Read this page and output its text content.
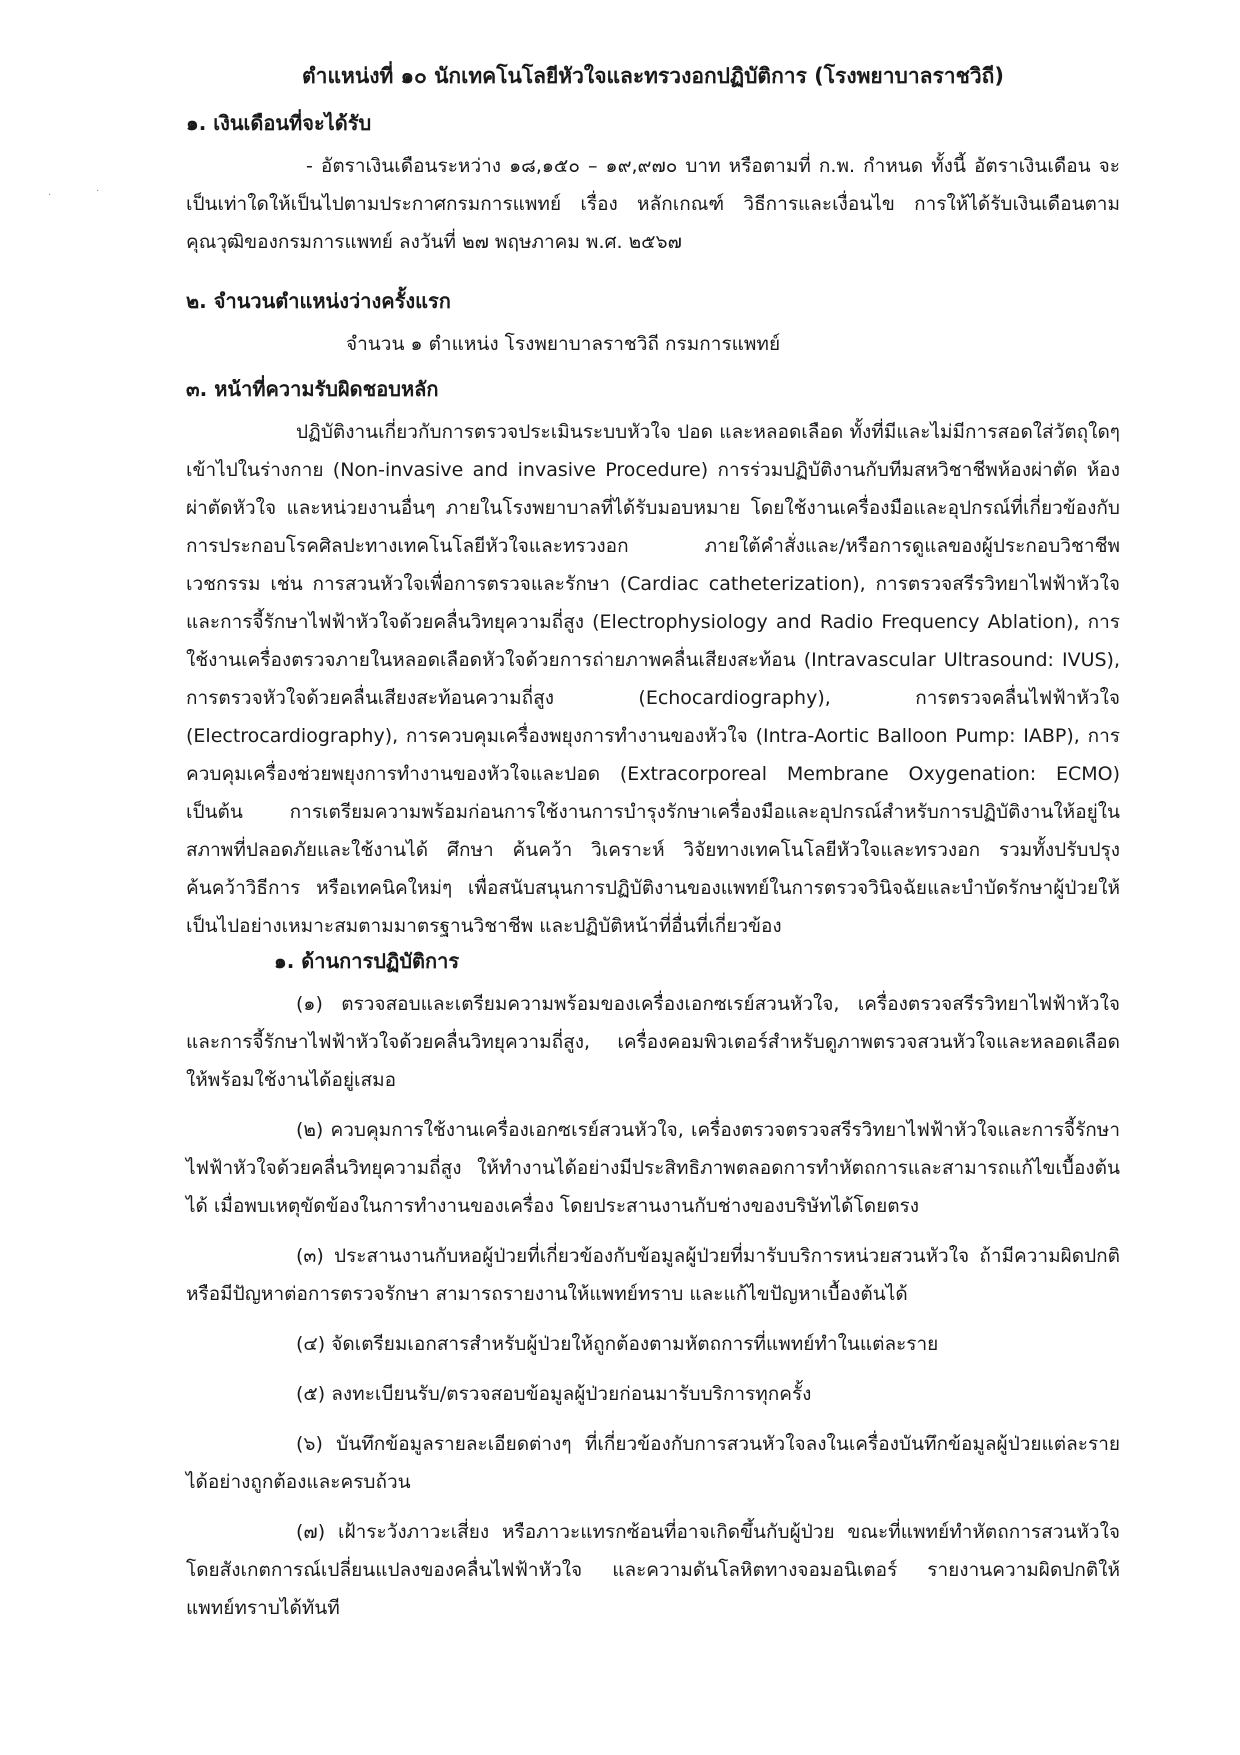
·	·
ตำแหน่งที่ ๑๐ นักเทคโนโลยีหัวใจและทรวงอกปฏิบัติการ (โรงพยาบาลราชวิถี)
๑. เงินเดือนที่จะได้รับ

- อัตราเงินเดือนระหว่าง ๑๘,๑๕๐ – ๑๙,๙๗๐ บาท หรือตามที่ ก.พ. กำหนด ทั้งนี้ อัตราเงินเดือน จะเป็นเท่าใดให้เป็นไปตามประกาศกรมการแพทย์ เรื่อง หลักเกณฑ์ วิธีการและเงื่อนไข การให้ได้รับเงินเดือนตามคุณวุฒิของกรมการแพทย์ ลงวันที่ ๒๗ พฤษภาคม พ.ศ. ๒๕๖๗

๒. จำนวนตำแหน่งว่างครั้งแรก
จำนวน ๑ ตำแหน่ง โรงพยาบาลราชวิถี กรมการแพทย์
๓. หน้าที่ความรับผิดชอบหลัก

ปฏิบัติงานเกี่ยวกับการตรวจประเมินระบบหัวใจ ปอด และหลอดเลือด ทั้งที่มีและไม่มีการสอดใส่วัตถุใดๆ เข้าไปในร่างกาย (Non-invasive and invasive Procedure) การร่วมปฏิบัติงานกับทีมสหวิชาชีพห้องผ่าตัด ห้องผ่าตัดหัวใจ และหน่วยงานอื่นๆ ภายในโรงพยาบาลที่ได้รับมอบหมาย โดยใช้งานเครื่องมือและอุปกรณ์ที่เกี่ยวข้องกับการประกอบโรคศิลปะทางเทคโนโลยีหัวใจและทรวงอก ภายใต้คำสั่งและ/หรือการดูแลของผู้ประกอบวิชาชีพเวชกรรม เช่น การสวนหัวใจเพื่อการตรวจและรักษา (Cardiac catheterization), การตรวจสรีรวิทยาไฟฟ้าหัวใจและการจี้รักษาไฟฟ้าหัวใจด้วยคลื่นวิทยุความถี่สูง (Electrophysiology and Radio Frequency Ablation), การใช้งานเครื่องตรวจภายในหลอดเลือดหัวใจด้วยการถ่ายภาพคลื่นเสียงสะท้อน (Intravascular Ultrasound: IVUS), การตรวจหัวใจด้วยคลื่นเสียงสะท้อนความถี่สูง (Echocardiography), การตรวจคลื่นไฟฟ้าหัวใจ (Electrocardiography), การควบคุมเครื่องพยุงการทำงานของหัวใจ (Intra-Aortic Balloon Pump: IABP), การควบคุมเครื่องช่วยพยุงการทำงานของหัวใจและปอด (Extracorporeal Membrane Oxygenation: ECMO) เป็นต้น การเตรียมความพร้อมก่อนการใช้งานการบำรุงรักษาเครื่องมือและอุปกรณ์สำหรับการปฏิบัติงานให้อยู่ในสภาพที่ปลอดภัยและใช้งานได้ ศึกษา ค้นคว้า วิเคราะห์ วิจัยทางเทคโนโลยีหัวใจและทรวงอก รวมทั้งปรับปรุง ค้นคว้าวิธีการ หรือเทคนิคใหม่ๆ เพื่อสนับสนุนการปฏิบัติงานของแพทย์ในการตรวจวินิจฉัยและบำบัดรักษาผู้ป่วยให้เป็นไปอย่างเหมาะสมตามมาตรฐานวิชาชีพ และปฏิบัติหน้าที่อื่นที่เกี่ยวข้อง

๑. ด้านการปฏิบัติการ

(๑) ตรวจสอบและเตรียมความพร้อมของเครื่องเอกซเรย์สวนหัวใจ, เครื่องตรวจสรีรวิทยาไฟฟ้าหัวใจและการจี้รักษาไฟฟ้าหัวใจด้วยคลื่นวิทยุความถี่สูง, เครื่องคอมพิวเตอร์สำหรับดูภาพตรวจสวนหัวใจและหลอดเลือด ให้พร้อมใช้งานได้อยู่เสมอ

(๒) ควบคุมการใช้งานเครื่องเอกซเรย์สวนหัวใจ, เครื่องตรวจตรวจสรีรวิทยาไฟฟ้าหัวใจและการจี้รักษาไฟฟ้าหัวใจด้วยคลื่นวิทยุความถี่สูง ให้ทำงานได้อย่างมีประสิทธิภาพตลอดการทำหัตถการและสามารถแก้ไขเบื้องต้นได้ เมื่อพบเหตุขัดข้องในการทำงานของเครื่อง โดยประสานงานกับช่างของบริษัทได้โดยตรง

(๓) ประสานงานกับหอผู้ป่วยที่เกี่ยวข้องกับข้อมูลผู้ป่วยที่มารับบริการหน่วยสวนหัวใจ ถ้ามีความผิดปกติหรือมีปัญหาต่อการตรวจรักษา สามารถรายงานให้แพทย์ทราบ และแก้ไขปัญหาเบื้องต้นได้

(๔) จัดเตรียมเอกสารสำหรับผู้ป่วยให้ถูกต้องตามหัตถการที่แพทย์ทำในแต่ละราย

(๕) ลงทะเบียนรับ/ตรวจสอบข้อมูลผู้ป่วยก่อนมารับบริการทุกครั้ง

(๖) บันทึกข้อมูลรายละเอียดต่างๆ ที่เกี่ยวข้องกับการสวนหัวใจลงในเครื่องบันทึกข้อมูลผู้ป่วยแต่ละรายได้อย่างถูกต้องและครบถ้วน

(๗) เฝ้าระวังภาวะเสี่ยง หรือภาวะแทรกซ้อนที่อาจเกิดขึ้นกับผู้ป่วย ขณะที่แพทย์ทำหัตถการสวนหัวใจ โดยสังเกตการณ์เปลี่ยนแปลงของคลื่นไฟฟ้าหัวใจ และความดันโลหิตทางจอมอนิเตอร์ รายงานความผิดปกติให้แพทย์ทราบได้ทันที
